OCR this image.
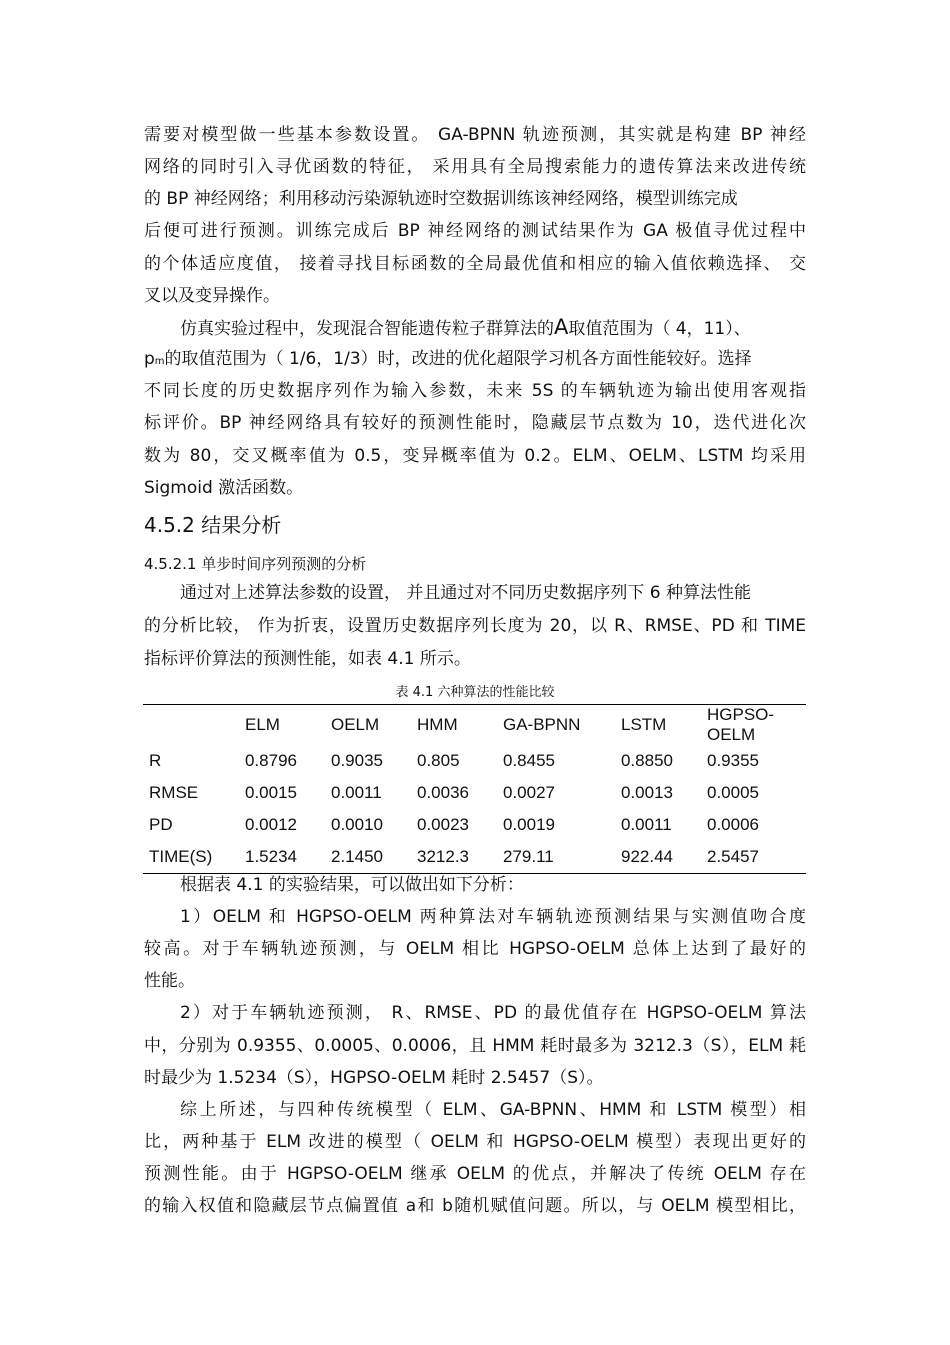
需要对模型做一些基本参数设置。 GA-BPNN 轨迹预测，其实就是构建 BP 神经
网络的同时引入寻优函数的特征， 采用具有全局搜索能力的遗传算法来改进传统
的 BP 神经网络；利用移动污染源轨迹时空数据训练该神经网络，模型训练完成
后便可进行预测。训练完成后 BP 神经网络的测试结果作为 GA 极值寻优过程中
的个体适应度值， 接着寻找目标函数的全局最优值和相应的输入值依赖选择、 交
叉以及变异操作。
仿真实验过程中，发现混合智能遗传粒子群算法的A取值范围为（ 4，11）、
pm的取值范围为（ 1/6，1/3）时，改进的优化超限学习机各方面性能较好。选择
不同长度的历史数据序列作为输入参数，未来 5S 的车辆轨迹为输出使用客观指
标评价。BP 神经网络具有较好的预测性能时，隐藏层节点数为 10，迭代进化次
数为 80，交叉概率值为 0.5，变异概率值为 0.2。ELM、OELM、LSTM 均采用
Sigmoid 激活函数。
4.5.2 结果分析
4.5.2.1 单步时间序列预测的分析
通过对上述算法参数的设置， 并且通过对不同历史数据序列下 6 种算法性能
的分析比较， 作为折衷，设置历史数据序列长度为 20，以 R、RMSE、PD 和 TIME
指标评价算法的预测性能，如表 4.1 所示。
表 4.1 六种算法的性能比较
	ELM	OELM	HMM	GA-BPNN	LSTM	HGPSO-OELM
R	0.8796	0.9035	0.805	0.8455	0.8850	0.9355
RMSE	0.0015	0.0011	0.0036	0.0027	0.0013	0.0005
PD	0.0012	0.0010	0.0023	0.0019	0.0011	0.0006
TIME(S)	1.5234	2.1450	3212.3	279.11	922.44	2.5457
根据表 4.1 的实验结果，可以做出如下分析：
1）OELM 和 HGPSO-OELM 两种算法对车辆轨迹预测结果与实测值吻合度
较高。对于车辆轨迹预测，与 OELM 相比 HGPSO-OELM 总体上达到了最好的
性能。
2）对于车辆轨迹预测， R、RMSE、PD 的最优值存在 HGPSO-OELM 算法
中，分别为 0.9355、0.0005、0.0006，且 HMM 耗时最多为 3212.3（S），ELM 耗
时最少为 1.5234（S），HGPSO-OELM 耗时 2.5457（S）。
综上所述，与四种传统模型（ ELM、GA-BPNN、HMM 和 LSTM 模型）相
比，两种基于 ELM 改进的模型（ OELM 和 HGPSO-OELM 模型）表现出更好的
预测性能。由于 HGPSO-OELM 继承 OELM 的优点，并解决了传统 OELM 存在
的输入权值和隐藏层节点偏置值 a和 b随机赋值问题。所以，与 OELM 模型相比，
